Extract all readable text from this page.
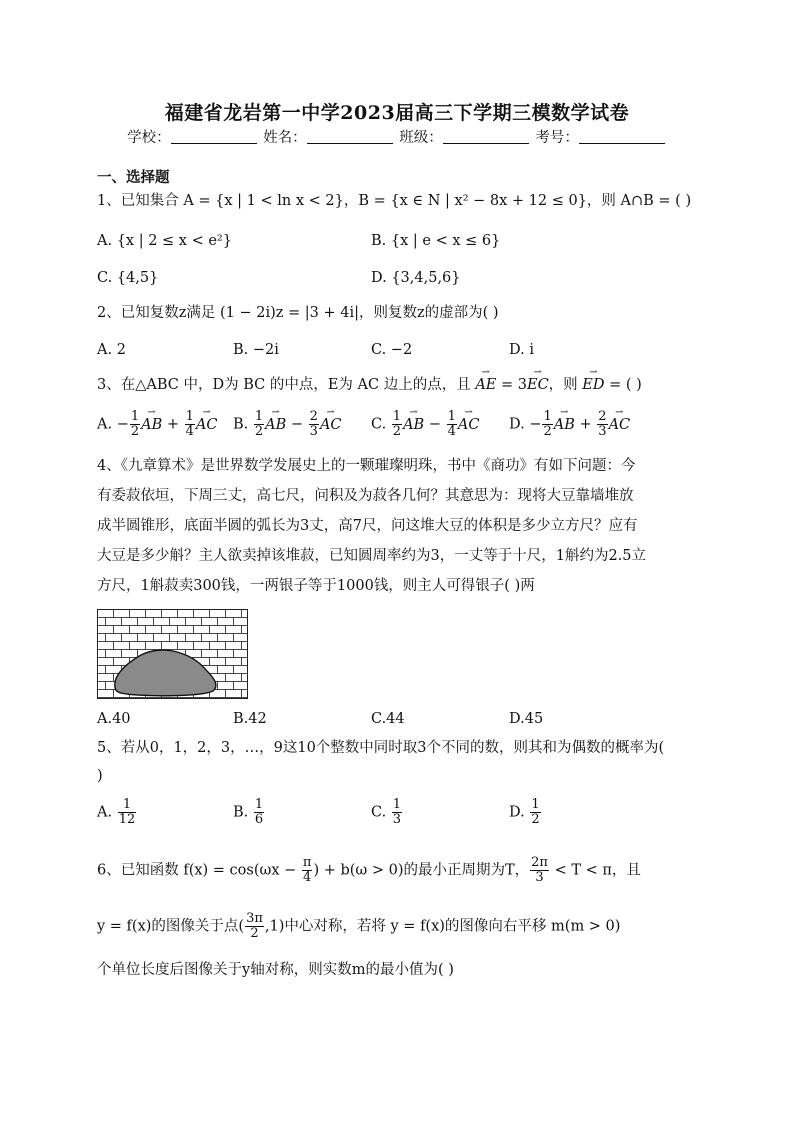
福建省龙岩第一中学2023届高三下学期三模数学试卷
学校：	姓名：	班级：	考号：
一、选择题
1、已知集合 A = {x | 1 < ln x < 2}，B = {x ∈ N | x² − 8x + 12 ≤ 0}，则 A∩B = ( )
A. {x | 2 ≤ x < e²}	B. {x | e < x ≤ 6}
C. {4,5}	D. {3,4,5,6}
2、已知复数z满足 (1 − 2i)z = |3 + 4i|，则复数z的虚部为( )
A. 2	B. −2i	C. −2	D. i
3、在△ABC 中，D为 BC 的中点，E为 AC 边上的点，且 ⇀ AE = 3⇀ EC，则 ⇀ ED = ( )
A. − $\frac{1}{2}$ ⇀ AB + $\frac{1}{4}$ ⇀ AC B. $\frac{1}{2}$ ⇀ AB − $\frac{2}{3}$ ⇀ AC C. $\frac{1}{2}$ ⇀ AB − $\frac{1}{4}$ ⇀ AC D. − $\frac{1}{2}$ ⇀ AB + $\frac{2}{3}$ ⇀ AC
4、《九章算术》是世界数学发展史上的一颗璀璨明珠，书中《商功》有如下问题：今
有委菽依垣，下周三丈，高七尺，问积及为菽各几何？其意思为：现将大豆靠墙堆放
成半圆锥形，底面半圆的弧长为3丈，高7尺，问这堆大豆的体积是多少立方尺？应有
大豆是多少斛？主人欲卖掉该堆菽，已知圆周率约为3，一丈等于十尺，1斛约为2.5立
方尺，1斛菽卖300钱，一两银子等于1000钱，则主人可得银子( )两
A.40	B.42	C.44	D.45
5、若从0，1，2，3，…，9这10个整数中同时取3个不同的数，则其和为偶数的概率为(
)
A. $\frac{1}{12}$	B. $\frac{1}{6}$	C. $\frac{1}{3}$	D. $\frac{1}{2}$
6、已知函数 $f(x) = \cos(\omega x - \frac{\pi}{4}$ ) + b(ω > 0)的最小正周期为T， $\frac{2\pi}{3} < T < \pi$，且
y = f(x)的图像关于点( $\frac{3\pi}{2} ,1$)中心对称，若将 y = f(x)的图像向右平移 m(m > 0)
个单位长度后图像关于y轴对称，则实数m的最小值为( )
